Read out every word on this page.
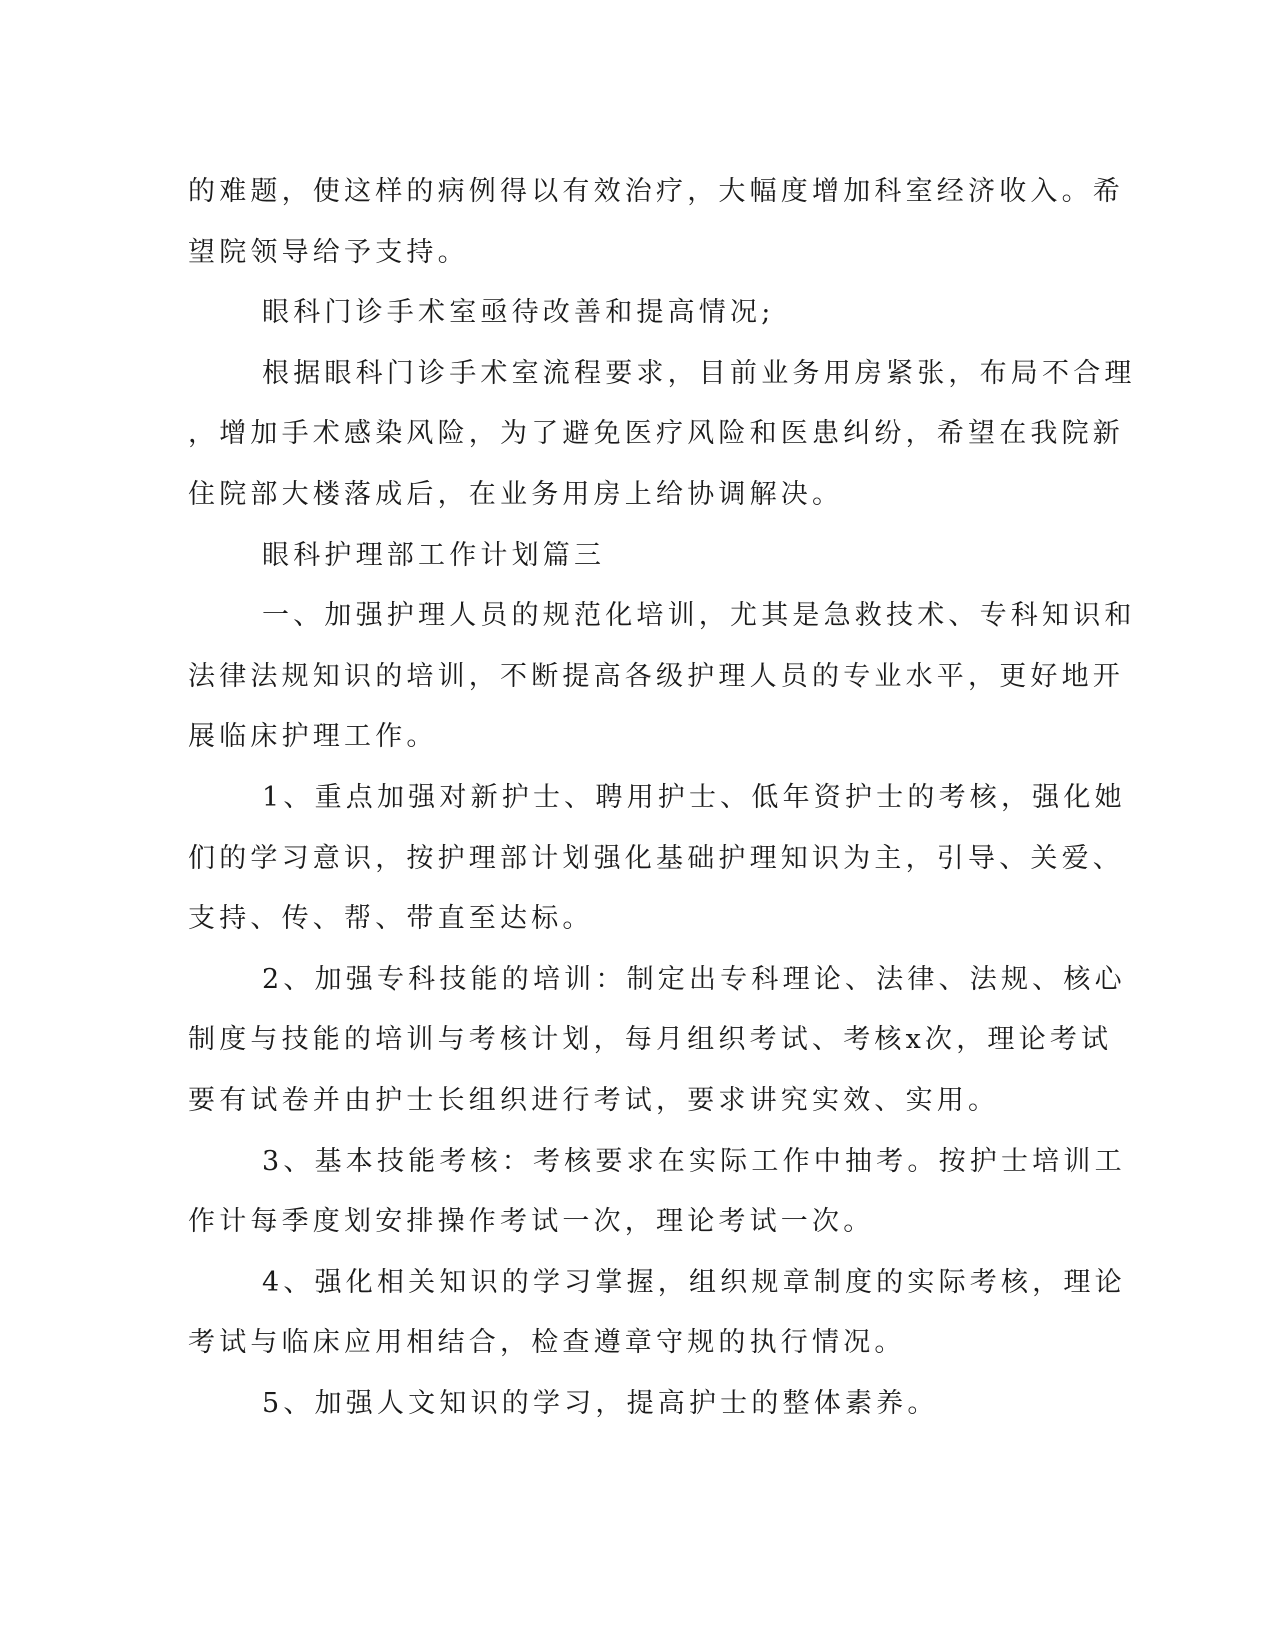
的难题，使这样的病例得以有效治疗，大幅度增加科室经济收入。希

望院领导给予支持。

眼科门诊手术室亟待改善和提高情况;

根据眼科门诊手术室流程要求，目前业务用房紧张，布局不合理

，增加手术感染风险，为了避免医疗风险和医患纠纷，希望在我院新

住院部大楼落成后，在业务用房上给协调解决。

眼科护理部工作计划篇三

一、加强护理人员的规范化培训，尤其是急救技术、专科知识和

法律法规知识的培训，不断提高各级护理人员的专业水平，更好地开

展临床护理工作。

1、重点加强对新护士、聘用护士、低年资护士的考核，强化她

们的学习意识，按护理部计划强化基础护理知识为主，引导、关爱、

支持、传、帮、带直至达标。

2、加强专科技能的培训：制定出专科理论、法律、法规、核心

制度与技能的培训与考核计划，每月组织考试、考核x次，理论考试

要有试卷并由护士长组织进行考试，要求讲究实效、实用。

3、基本技能考核：考核要求在实际工作中抽考。按护士培训工

作计每季度划安排操作考试一次，理论考试一次。

4、强化相关知识的学习掌握，组织规章制度的实际考核，理论

考试与临床应用相结合，检查遵章守规的执行情况。

5、加强人文知识的学习，提高护士的整体素养。
